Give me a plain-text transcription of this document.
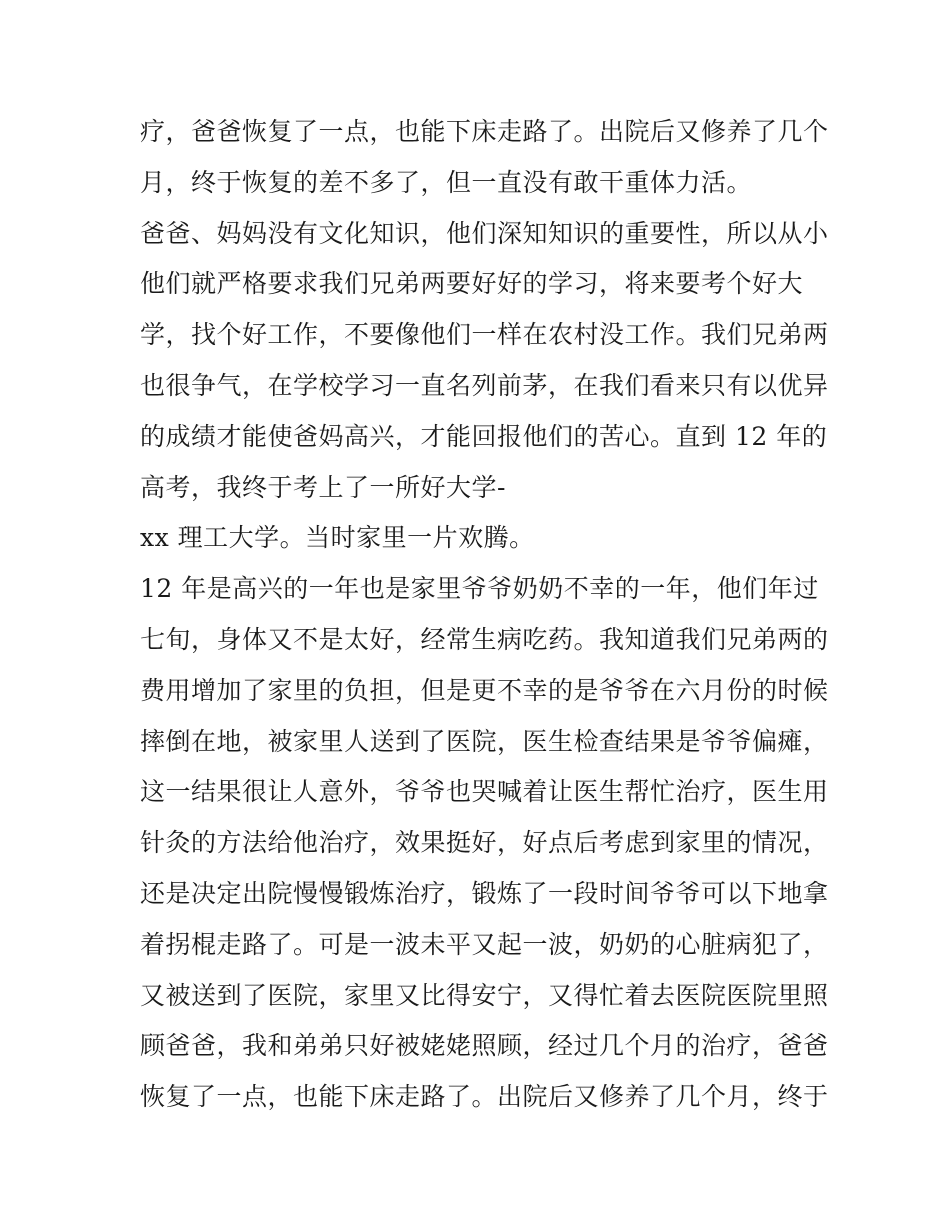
疗，爸爸恢复了一点，也能下床走路了。出院后又修养了几个
月，终于恢复的差不多了，但一直没有敢干重体力活。
爸爸、妈妈没有文化知识，他们深知知识的重要性，所以从小
他们就严格要求我们兄弟两要好好的学习，将来要考个好大
学，找个好工作，不要像他们一样在农村没工作。我们兄弟两
也很争气，在学校学习一直名列前茅，在我们看来只有以优异
的成绩才能使爸妈高兴，才能回报他们的苦心。直到 12 年的
高考，我终于考上了一所好大学-
xx 理工大学。当时家里一片欢腾。
12 年是高兴的一年也是家里爷爷奶奶不幸的一年，他们年过
七旬，身体又不是太好，经常生病吃药。我知道我们兄弟两的
费用增加了家里的负担，但是更不幸的是爷爷在六月份的时候
摔倒在地，被家里人送到了医院，医生检查结果是爷爷偏瘫，
这一结果很让人意外，爷爷也哭喊着让医生帮忙治疗，医生用
针灸的方法给他治疗，效果挺好，好点后考虑到家里的情况，
还是决定出院慢慢锻炼治疗，锻炼了一段时间爷爷可以下地拿
着拐棍走路了。可是一波未平又起一波，奶奶的心脏病犯了，
又被送到了医院，家里又比得安宁，又得忙着去医院医院里照
顾爸爸，我和弟弟只好被姥姥照顾，经过几个月的治疗，爸爸
恢复了一点，也能下床走路了。出院后又修养了几个月，终于
